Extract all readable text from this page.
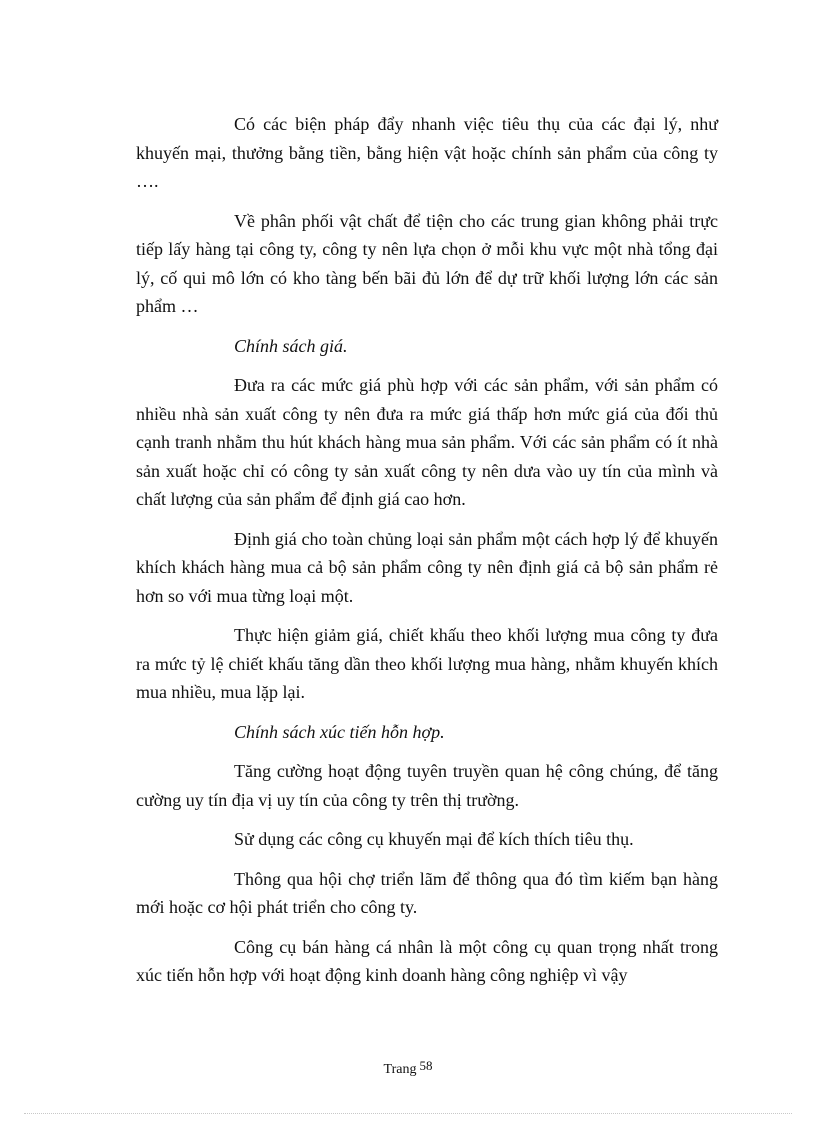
Có các biện pháp đẩy nhanh việc tiêu thụ của các đại lý, như khuyến mại, thưởng bằng tiền, bằng hiện vật hoặc chính sản phẩm của công ty ….

Về phân phối vật chất để tiện cho các trung gian không phải trực tiếp lấy hàng tại công ty, công ty nên lựa chọn ở mỗi khu vực một nhà tổng đại lý, cố qui mô lớn có kho tàng bến bãi đủ lớn để dự trữ khối lượng lớn các sản phẩm …

Chính sách giá.

Đưa ra các mức giá phù hợp với các sản phẩm, với sản phẩm có nhiều nhà sản xuất công ty nên đưa ra mức giá thấp hơn mức giá của đối thủ cạnh tranh nhằm thu hút khách hàng mua sản phẩm. Với các sản phẩm có ít nhà sản xuất hoặc chỉ có công ty sản xuất công ty nên dưa vào uy tín của mình và chất lượng của sản phẩm để định giá cao hơn.

Định giá cho toàn chủng loại sản phẩm một cách hợp lý để khuyến khích khách hàng mua cả bộ sản phẩm công ty nên định giá cả bộ sản phẩm rẻ hơn so với mua từng loại một.

Thực hiện giảm giá, chiết khấu theo khối lượng mua công ty đưa ra mức tỷ lệ chiết khấu tăng dần theo khối lượng mua hàng, nhằm khuyến khích mua nhiều, mua lặp lại.

Chính sách xúc tiến hỗn hợp.

Tăng cường hoạt động tuyên truyền quan hệ công chúng, để tăng cường uy tín địa vị uy tín của công ty trên thị trường.

Sử dụng các công cụ khuyến mại để kích thích tiêu thụ.

Thông qua hội chợ triển lãm để thông qua đó tìm kiếm bạn hàng mới hoặc cơ hội phát triển cho công ty.

Công cụ bán hàng cá nhân là một công cụ quan trọng nhất trong xúc tiến hỗn hợp với hoạt động kinh doanh hàng công nghiệp vì vậy

Trang 58
